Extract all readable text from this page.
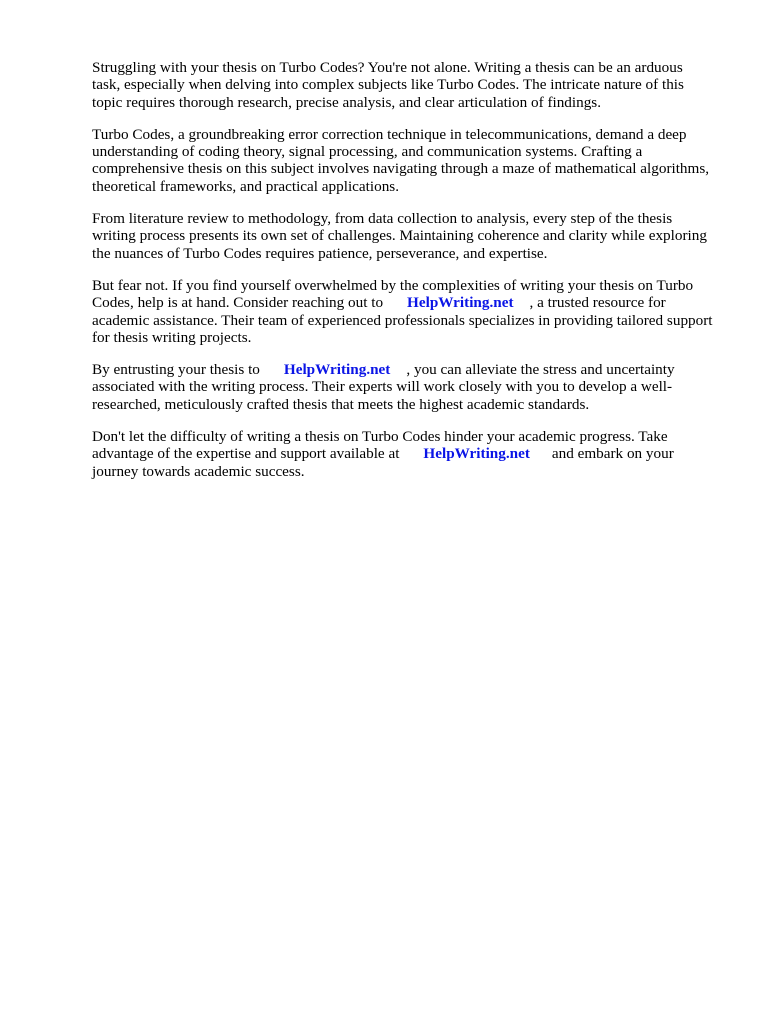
Struggling with your thesis on Turbo Codes? You're not alone. Writing a thesis can be an arduous
task, especially when delving into complex subjects like Turbo Codes. The intricate nature of this
topic requires thorough research, precise analysis, and clear articulation of findings.

Turbo Codes, a groundbreaking error correction technique in telecommunications, demand a deep
understanding of coding theory, signal processing, and communication systems. Crafting a
comprehensive thesis on this subject involves navigating through a maze of mathematical algorithms,
theoretical frameworks, and practical applications.

From literature review to methodology, from data collection to analysis, every step of the thesis
writing process presents its own set of challenges. Maintaining coherence and clarity while exploring
the nuances of Turbo Codes requires patience, perseverance, and expertise.

But fear not. If you find yourself overwhelmed by the complexities of writing your thesis on Turbo
Codes, help is at hand. Consider reaching out to HelpWriting.net , a trusted resource for
academic assistance. Their team of experienced professionals specializes in providing tailored support
for thesis writing projects.

By entrusting your thesis to HelpWriting.net , you can alleviate the stress and uncertainty
associated with the writing process. Their experts will work closely with you to develop a well-
researched, meticulously crafted thesis that meets the highest academic standards.

Don't let the difficulty of writing a thesis on Turbo Codes hinder your academic progress. Take
advantage of the expertise and support available at HelpWriting.net and embark on your
journey towards academic success.
